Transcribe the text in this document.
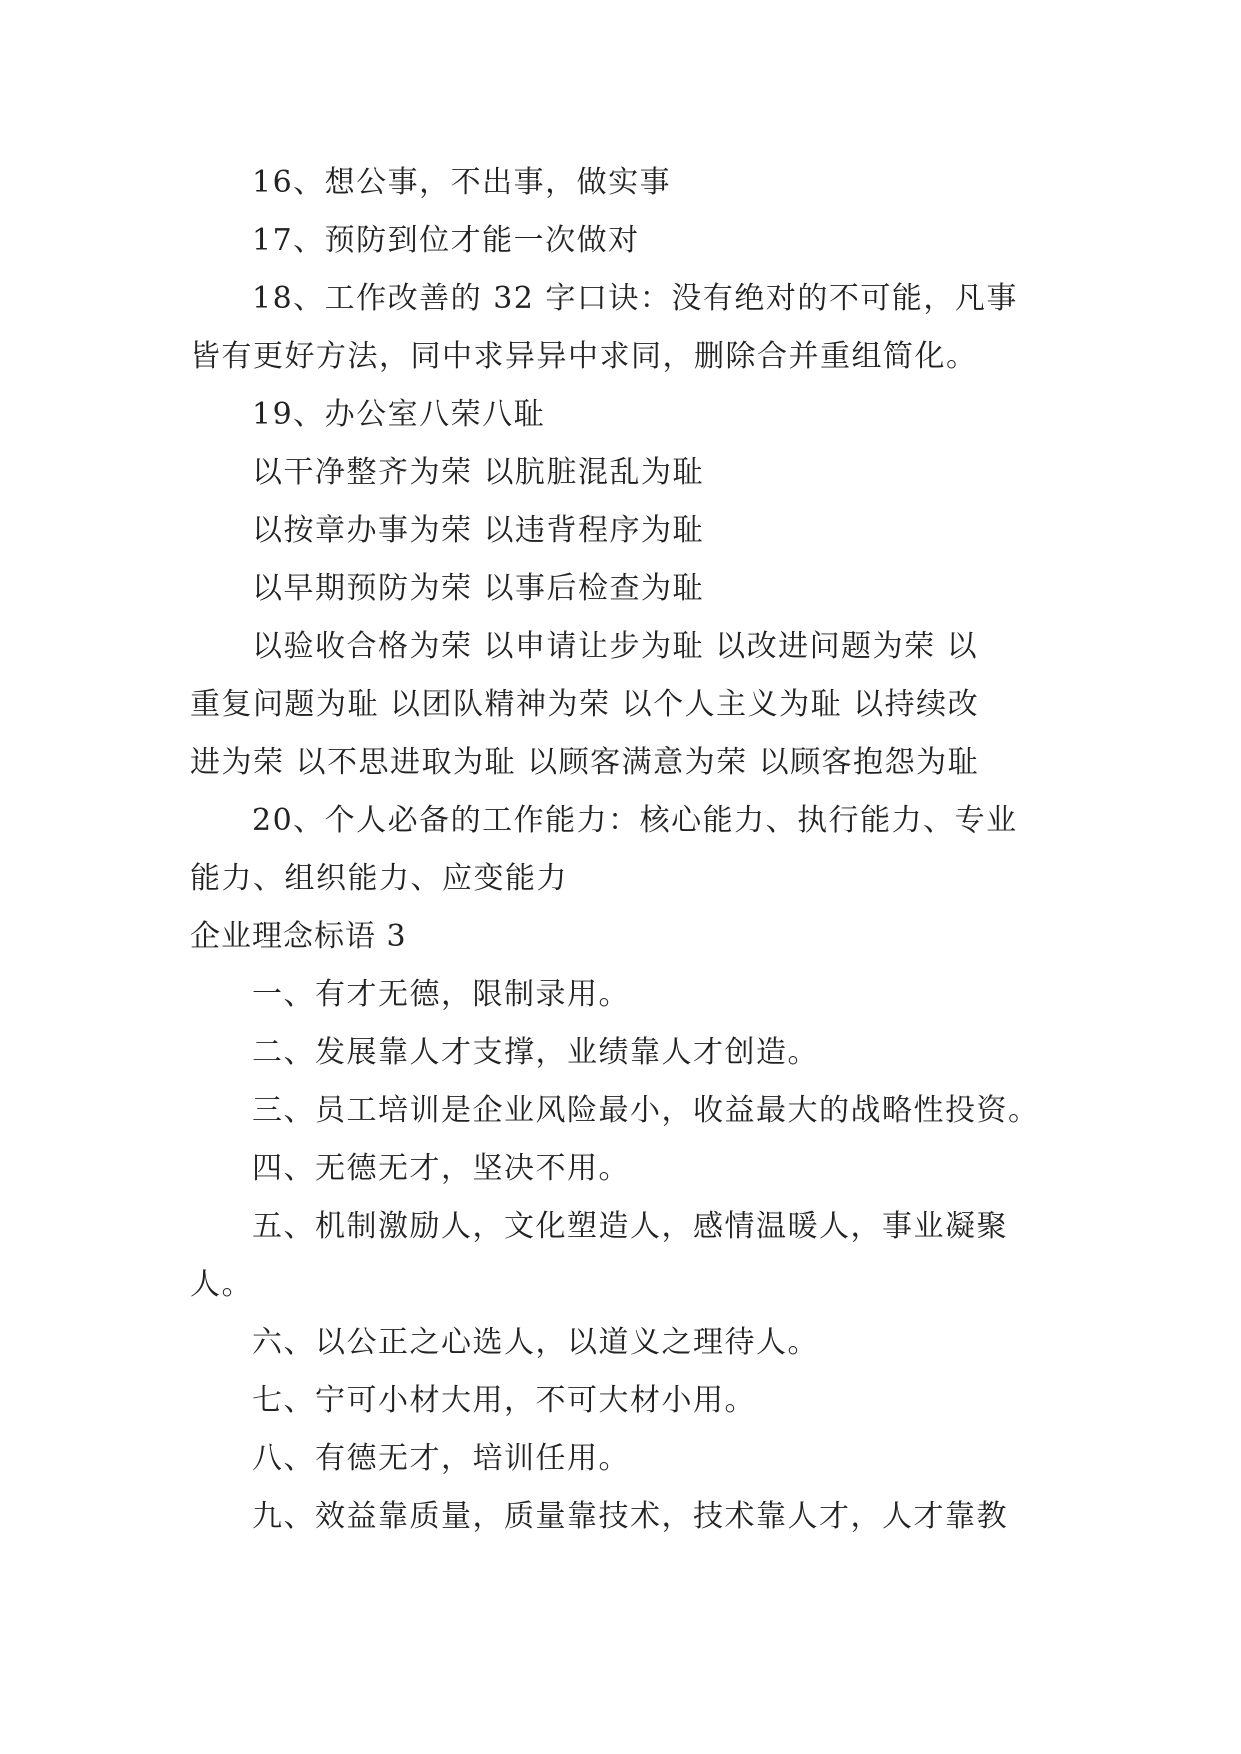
16、想公事，不出事，做实事
17、预防到位才能一次做对
18、工作改善的 32 字口诀：没有绝对的不可能，凡事
皆有更好方法，同中求异异中求同，删除合并重组简化。
19、办公室八荣八耻
以干净整齐为荣 以肮脏混乱为耻
以按章办事为荣 以违背程序为耻
以早期预防为荣 以事后检查为耻
以验收合格为荣 以申请让步为耻 以改进问题为荣 以
重复问题为耻 以团队精神为荣 以个人主义为耻 以持续改
进为荣 以不思进取为耻 以顾客满意为荣 以顾客抱怨为耻
20、个人必备的工作能力：核心能力、执行能力、专业
能力、组织能力、应变能力
企业理念标语 3
一、有才无德，限制录用。
二、发展靠人才支撑，业绩靠人才创造。
三、员工培训是企业风险最小，收益最大的战略性投资。
四、无德无才，坚决不用。
五、机制激励人，文化塑造人，感情温暖人，事业凝聚
人。
六、以公正之心选人，以道义之理待人。
七、宁可小材大用，不可大材小用。
八、有德无才，培训任用。
九、效益靠质量，质量靠技术，技术靠人才，人才靠教
